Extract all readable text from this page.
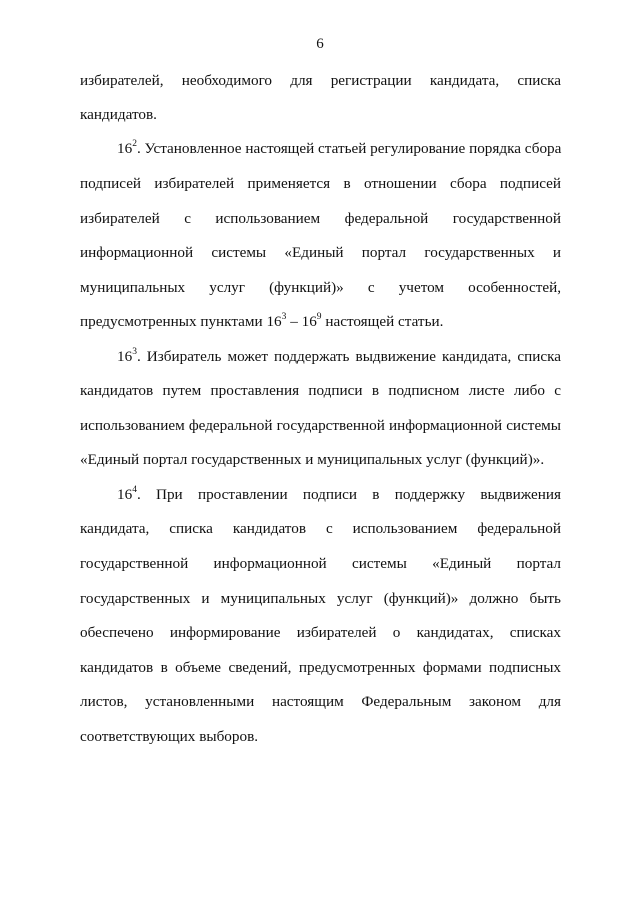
6
избирателей, необходимого для регистрации кандидата, списка
кандидатов.
$16^2$. Установленное настоящей статьей регулирование порядка сбора
подписей избирателей применяется в отношении сбора подписей
избирателей с использованием федеральной государственной
информационной системы «Единый портал государственных и
муниципальных услуг (функций)» с учетом особенностей,
предусмотренных пунктами $16^3 - 16^9$ настоящей статьи.
$16^3$. Избиратель может поддержать выдвижение кандидата, списка
кандидатов путем проставления подписи в подписном листе либо с
использованием федеральной государственной информационной системы
«Единый портал государственных и муниципальных услуг (функций)».
$16^4$. При проставлении подписи в поддержку выдвижения
кандидата, списка кандидатов с использованием федеральной
государственной информационной системы «Единый портал
государственных и муниципальных услуг (функций)» должно быть
обеспечено информирование избирателей о кандидатах, списках
кандидатов в объеме сведений, предусмотренных формами подписных
листов, установленными настоящим Федеральным законом для
соответствующих выборов.
